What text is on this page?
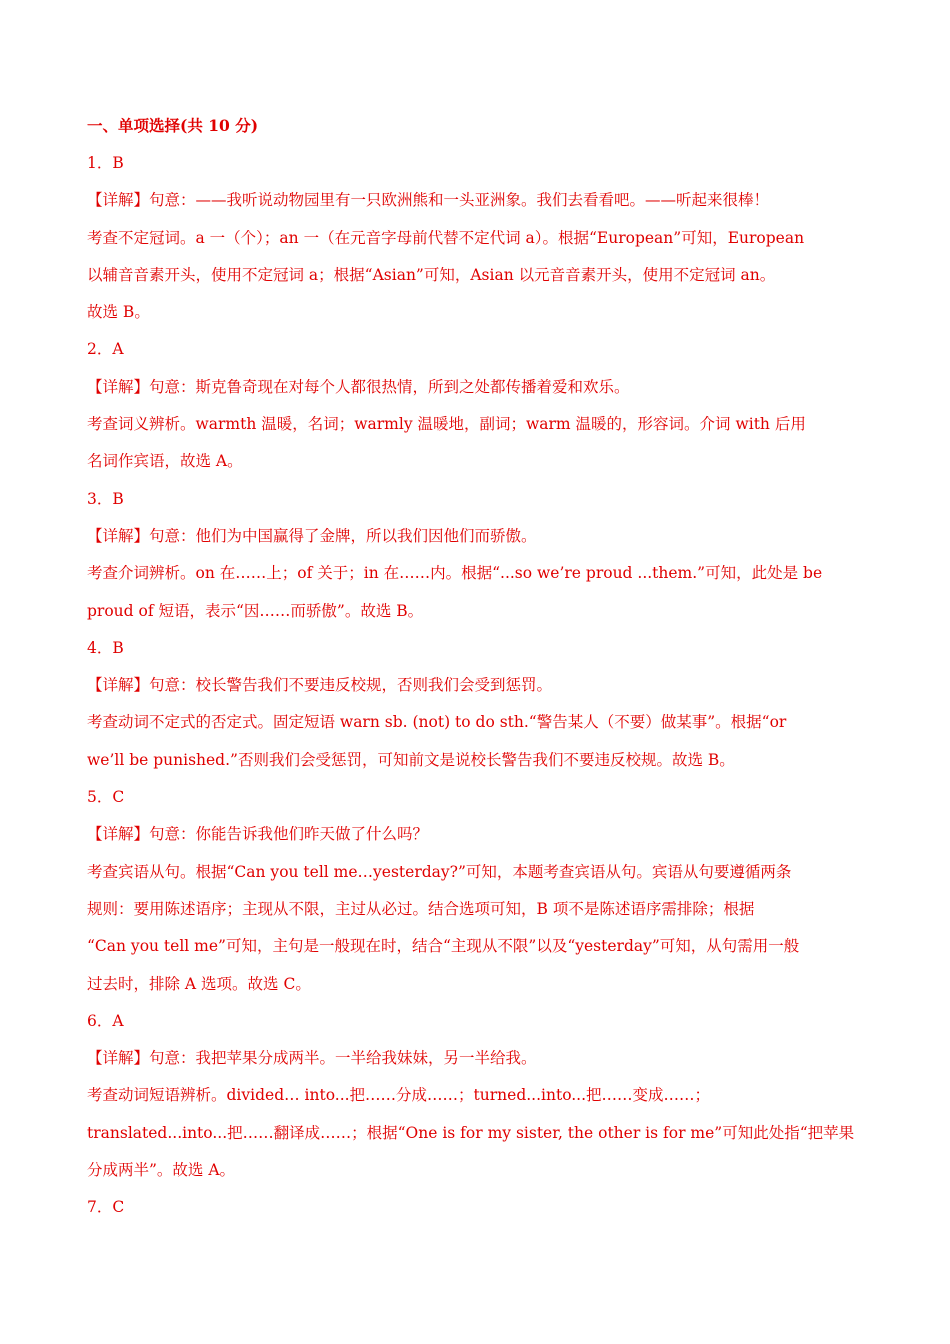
一、单项选择(共 10 分)
1．B
【详解】句意：——我听说动物园里有一只欧洲熊和一头亚洲象。我们去看看吧。——听起来很棒！
考查不定冠词。a 一（个）；an 一（在元音字母前代替不定代词 a）。根据“European”可知，European
以辅音音素开头，使用不定冠词 a；根据“Asian”可知，Asian 以元音音素开头，使用不定冠词 an。
故选 B。
2．A
【详解】句意：斯克鲁奇现在对每个人都很热情，所到之处都传播着爱和欢乐。
考查词义辨析。warmth 温暖，名词；warmly 温暖地，副词；warm 温暖的，形容词。介词 with 后用
名词作宾语，故选 A。
3．B
【详解】句意：他们为中国赢得了金牌，所以我们因他们而骄傲。
考查介词辨析。on 在……上；of 关于；in 在……内。根据“...so we’re proud ...them.”可知，此处是 be
proud of 短语，表示“因……而骄傲”。故选 B。
4．B
【详解】句意：校长警告我们不要违反校规，否则我们会受到惩罚。
考查动词不定式的否定式。固定短语 warn sb. (not) to do sth.“警告某人（不要）做某事”。根据“or
we’ll be punished.”否则我们会受惩罚，可知前文是说校长警告我们不要违反校规。故选 B。
5．C
【详解】句意：你能告诉我他们昨天做了什么吗？
考查宾语从句。根据“Can you tell me…yesterday?”可知，本题考查宾语从句。宾语从句要遵循两条
规则：要用陈述语序；主现从不限，主过从必过。结合选项可知，B 项不是陈述语序需排除；根据
“Can you tell me”可知，主句是一般现在时，结合“主现从不限”以及“yesterday”可知，从句需用一般
过去时，排除 A 选项。故选 C。
6．A
【详解】句意：我把苹果分成两半。一半给我妹妹，另一半给我。
考查动词短语辨析。divided… into...把……分成……；turned...into...把……变成……；
translated...into...把……翻译成……；根据“One is for my sister, the other is for me”可知此处指“把苹果
分成两半”。故选 A。
7．C
